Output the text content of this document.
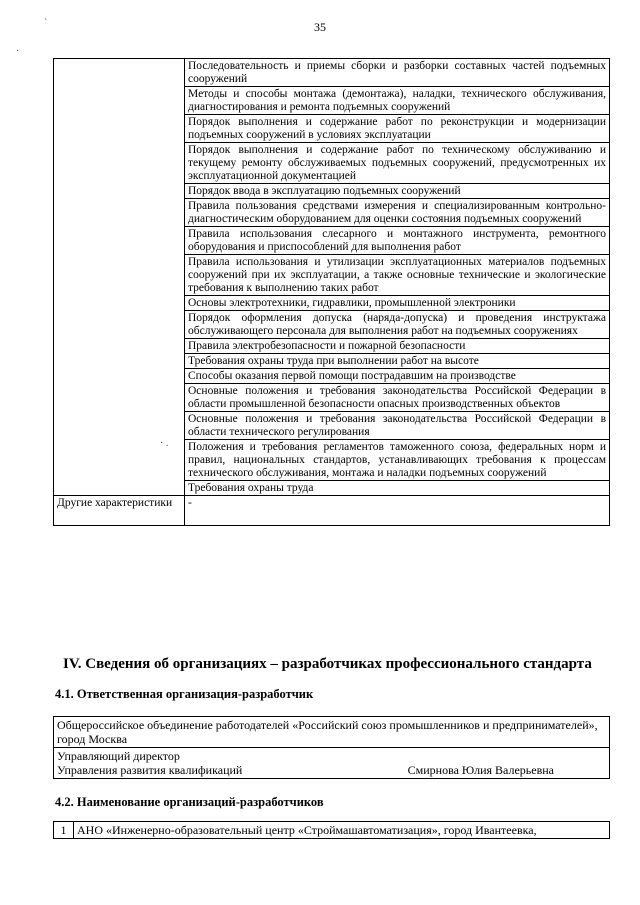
35
`
·
· .
	Последовательность и приемы сборки и разборки составных частей подъемных сооружений
	Методы и способы монтажа (демонтажа), наладки, технического обслуживания, диагностирования и ремонта подъемных сооружений
	Порядок выполнения и содержание работ по реконструкции и модернизации подъемных сооружений в условиях эксплуатации
	Порядок выполнения и содержание работ по техническому обслуживанию и текущему ремонту обслуживаемых подъемных сооружений, предусмотренных их эксплуатационной документацией
	Порядок ввода в эксплуатацию подъемных сооружений
	Правила пользования средствами измерения и специализированным контрольно-диагностическим оборудованием для оценки состояния подъемных сооружений
	Правила использования слесарного и монтажного инструмента, ремонтного оборудования и приспособлений для выполнения работ
	Правила использования и утилизации эксплуатационных материалов подъемных сооружений при их эксплуатации, а также основные технические и экологические требования к выполнению таких работ
	Основы электротехники, гидравлики, промышленной электроники
	Порядок оформления допуска (наряда-допуска) и проведения инструктажа обслуживающего персонала для выполнения работ на подъемных сооружениях
	Правила электробезопасности и пожарной безопасности
	Требования охраны труда при выполнении работ на высоте
	Способы оказания первой помощи пострадавшим на производстве
	Основные положения и требования законодательства Российской Федерации в области промышленной безопасности опасных производственных объектов
	Основные положения и требования законодательства Российской Федерации в области технического регулирования
	Положения и требования регламентов таможенного союза, федеральных норм и правил, национальных стандартов, устанавливающих требования к процессам технического обслуживания, монтажа и наладки подъемных сооружений
	Требования охраны труда
Другие характеристики	-
IV. Сведения об организациях – разработчиках профессионального стандарта
4.1. Ответственная организация-разработчик
Общероссийское объединение работодателей «Российский союз промышленников и предпринимателей», город Москва

Управляющий директор
Управления развития квалификаций	Смирнова Юлия Валерьевна
4.2. Наименование организаций-разработчиков
1	АНО «Инженерно-образовательный центр «Строймашавтоматизация», город Ивантеевка,
